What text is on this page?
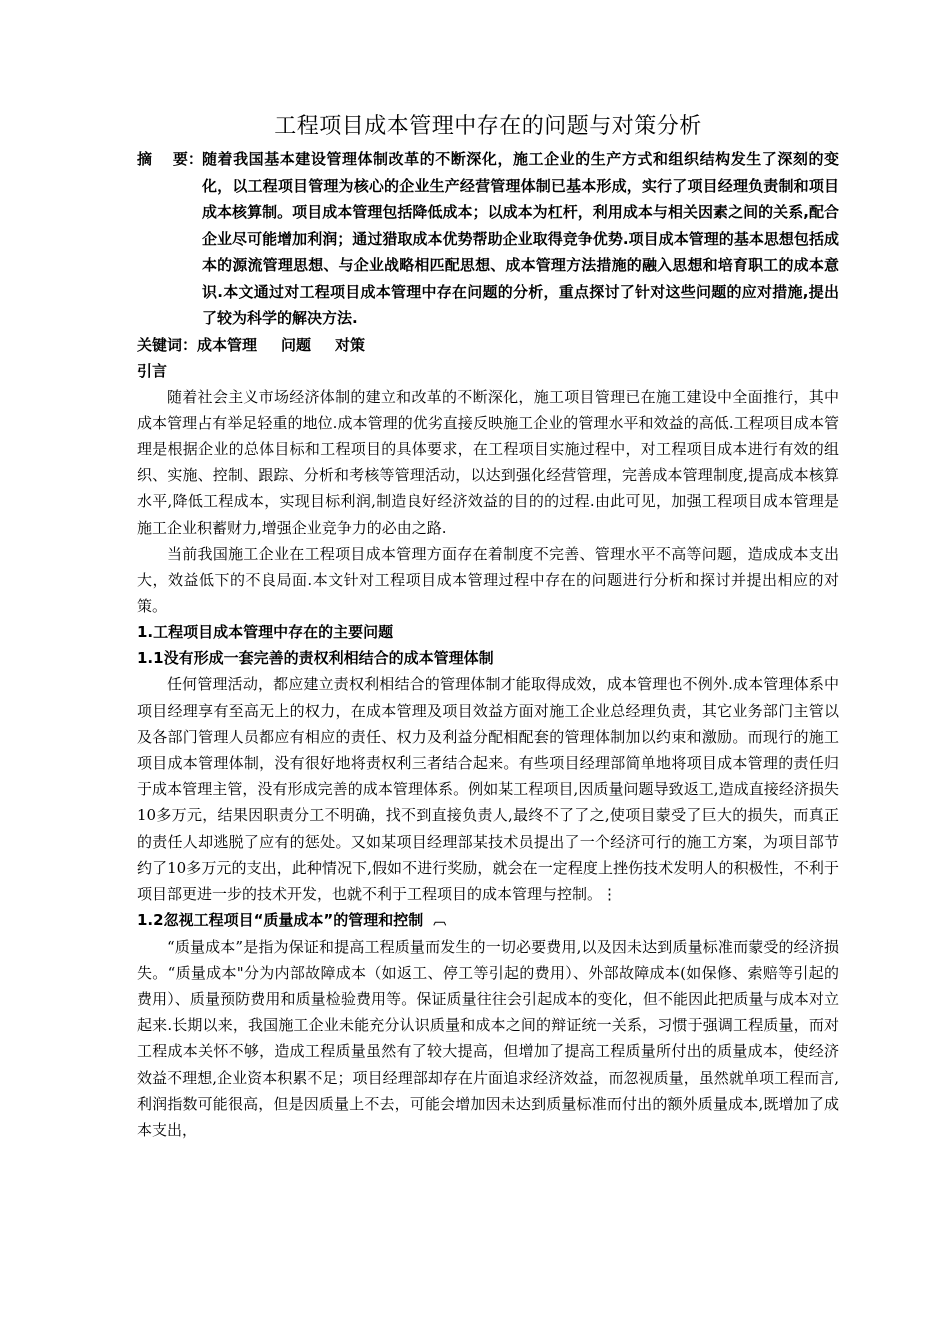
工程项目成本管理中存在的问题与对策分析
摘    要： 随着我国基本建设管理体制改革的不断深化，施工企业的生产方式和组织结构发生了深刻的变化，以工程项目管理为核心的企业生产经营管理体制已基本形成，实行了项目经理负责制和项目成本核算制。项目成本管理包括降低成本；以成本为杠杆，利用成本与相关因素之间的关系,配合企业尽可能增加利润；通过猎取成本优势帮助企业取得竞争优势.项目成本管理的基本思想包括成本的源流管理思想、与企业战略相匹配思想、成本管理方法措施的融入思想和培育职工的成本意识.本文通过对工程项目成本管理中存在问题的分析，重点探讨了针对这些问题的应对措施,提出了较为科学的解决方法.

关键词：成本管理 问题 对策

引言

随着社会主义市场经济体制的建立和改革的不断深化，施工项目管理已在施工建设中全面推行，其中成本管理占有举足轻重的地位.成本管理的优劣直接反映施工企业的管理水平和效益的高低.工程项目成本管理是根据企业的总体目标和工程项目的具体要求，在工程项目实施过程中，对工程项目成本进行有效的组织、实施、控制、跟踪、分析和考核等管理活动，以达到强化经营管理，完善成本管理制度,提高成本核算水平,降低工程成本，实现目标利润,制造良好经济效益的目的的过程.由此可见，加强工程项目成本管理是施工企业积蓄财力,增强企业竞争力的必由之路.

当前我国施工企业在工程项目成本管理方面存在着制度不完善、管理水平不高等问题，造成成本支出大，效益低下的不良局面.本文针对工程项目成本管理过程中存在的问题进行分析和探讨并提出相应的对策。

1.工程项目成本管理中存在的主要问题

1.1没有形成一套完善的责权利相结合的成本管理体制

任何管理活动，都应建立责权利相结合的管理体制才能取得成效，成本管理也不例外.成本管理体系中项目经理享有至高无上的权力，在成本管理及项目效益方面对施工企业总经理负责，其它业务部门主管以及各部门管理人员都应有相应的责任、权力及利益分配相配套的管理体制加以约束和激励。而现行的施工项目成本管理体制，没有很好地将责权利三者结合起来。有些项目经理部简单地将项目成本管理的责任归于成本管理主管，没有形成完善的成本管理体系。例如某工程项目,因质量问题导致返工,造成直接经济损失10多万元，结果因职责分工不明确，找不到直接负责人,最终不了了之,使项目蒙受了巨大的损失，而真正的责任人却逃脱了应有的惩处。又如某项目经理部某技术员提出了一个经济可行的施工方案，为项目部节约了10多万元的支出，此种情况下,假如不进行奖励，就会在一定程度上挫伤技术发明人的积极性，不利于项目部更进一步的技术开发，也就不利于工程项目的成本管理与控制。⋮

1.2忽视工程项目“质量成本”的管理和控制 ︹

“质量成本”是指为保证和提高工程质量而发生的一切必要费用,以及因未达到质量标准而蒙受的经济损失。“质量成本"分为内部故障成本（如返工、停工等引起的费用）、外部故障成本(如保修、索赔等引起的费用）、质量预防费用和质量检验费用等。保证质量往往会引起成本的变化，但不能因此把质量与成本对立起来.长期以来，我国施工企业未能充分认识质量和成本之间的辩证统一关系，习惯于强调工程质量，而对工程成本关怀不够，造成工程质量虽然有了较大提高，但增加了提高工程质量所付出的质量成本，使经济效益不理想,企业资本积累不足；项目经理部却存在片面追求经济效益，而忽视质量，虽然就单项工程而言,利润指数可能很高，但是因质量上不去，可能会增加因未达到质量标准而付出的额外质量成本,既增加了成本支出，
